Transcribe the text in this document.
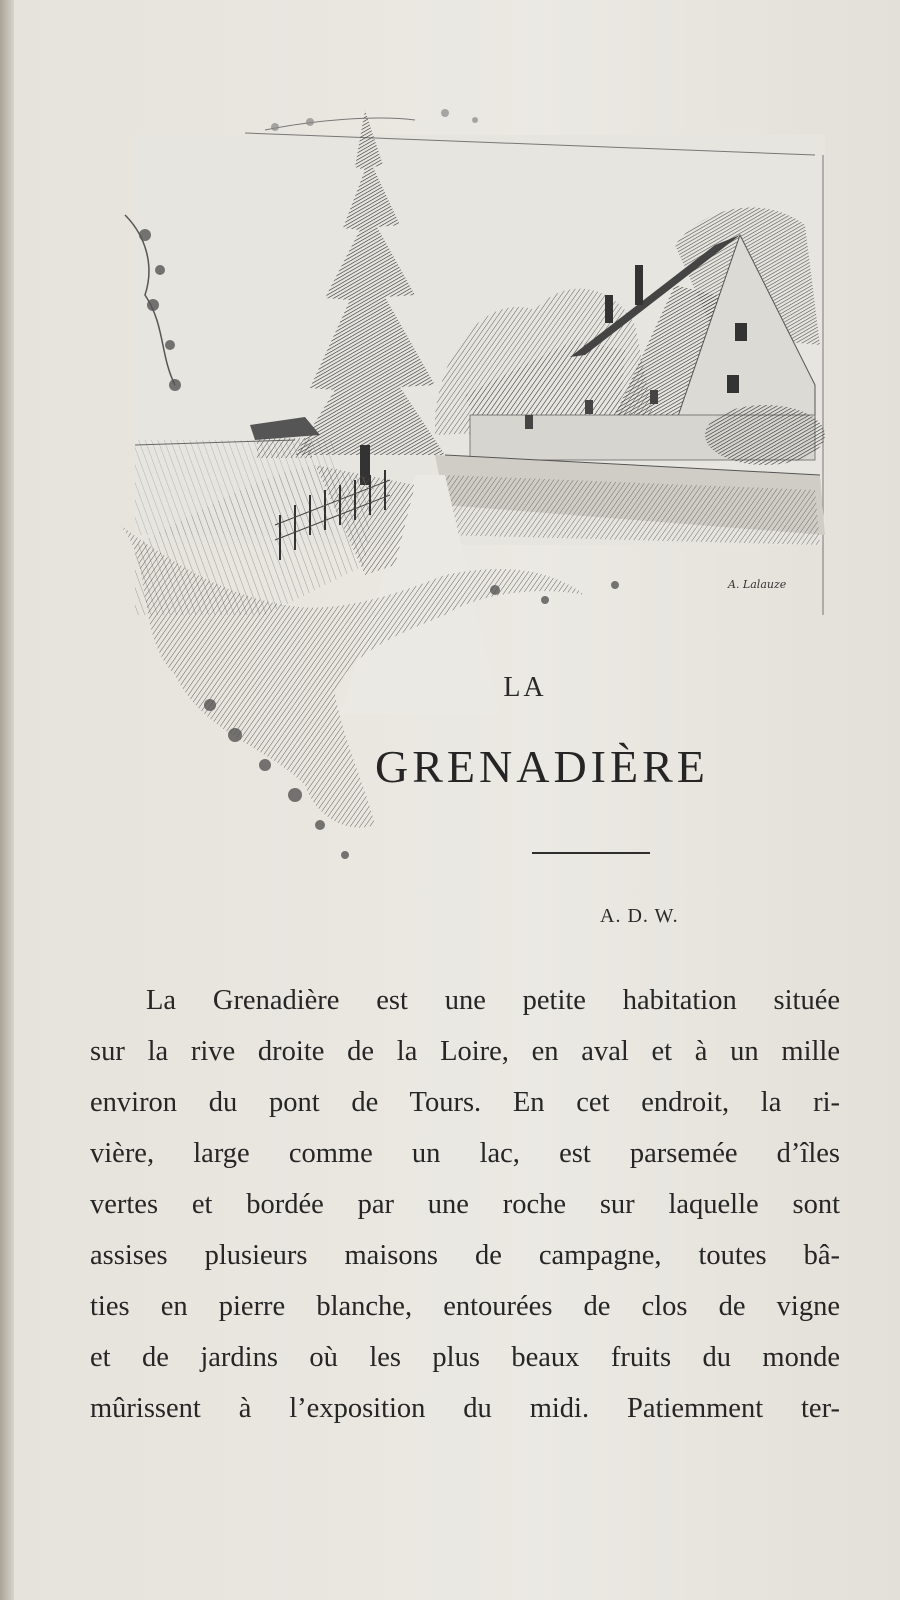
A. Lalauze
LA
GRENADIÈRE
A. D. W.
La Grenadière est une petite habitation située
sur la rive droite de la Loire, en aval et à un mille
environ du pont de Tours. En cet endroit, la ri-
vière, large comme un lac, est parsemée d’îles
vertes et bordée par une roche sur laquelle sont
assises plusieurs maisons de campagne, toutes bâ-
ties en pierre blanche, entourées de clos de vigne
et de jardins où les plus beaux fruits du monde
mûrissent à l’exposition du midi. Patiemment ter-
